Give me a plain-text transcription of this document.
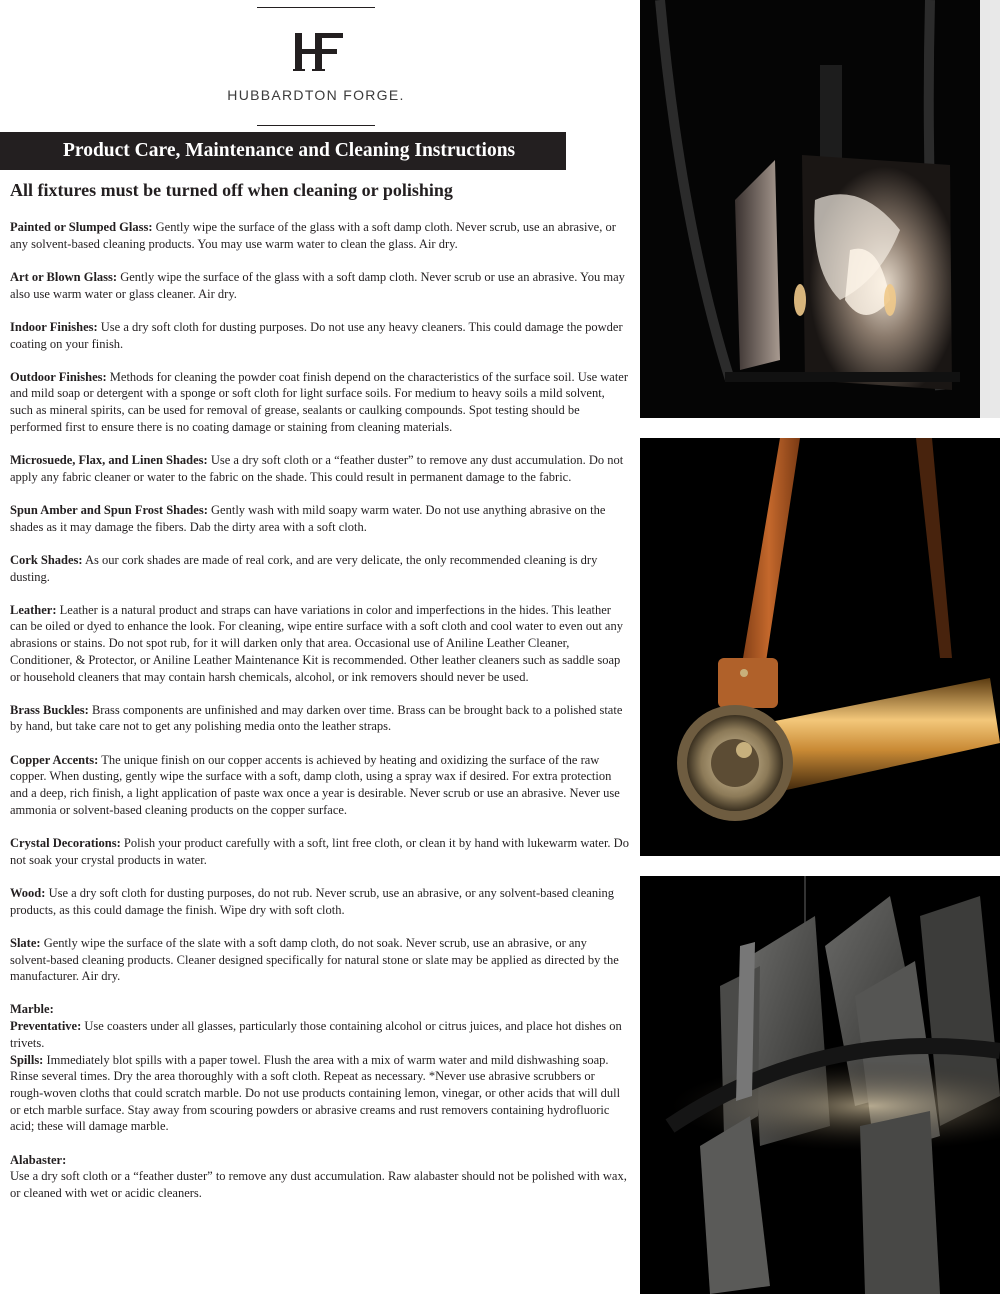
HUBBARDTON FORGE.
Product Care, Maintenance and Cleaning Instructions
All fixtures must be turned off when cleaning or polishing

Painted or Slumped Glass: Gently wipe the surface of the glass with a soft damp cloth. Never scrub, use an abrasive, or any solvent-based cleaning products. You may use warm water to clean the glass. Air dry.

Art or Blown Glass: Gently wipe the surface of the glass with a soft damp cloth. Never scrub or use an abrasive. You may also use warm water or glass cleaner. Air dry.

Indoor Finishes: Use a dry soft cloth for dusting purposes. Do not use any heavy cleaners. This could damage the powder coating on your finish.

Outdoor Finishes: Methods for cleaning the powder coat finish depend on the characteristics of the surface soil. Use water and mild soap or detergent with a sponge or soft cloth for light surface soils. For medium to heavy soils a mild solvent, such as mineral spirits, can be used for removal of grease, sealants or caulking compounds. Spot testing should be performed first to ensure there is no coating damage or staining from cleaning materials.

Microsuede, Flax, and Linen Shades: Use a dry soft cloth or a “feather duster” to remove any dust accumulation. Do not apply any fabric cleaner or water to the fabric on the shade. This could result in permanent damage to the fabric.

Spun Amber and Spun Frost Shades: Gently wash with mild soapy warm water. Do not use anything abrasive on the shades as it may damage the fibers. Dab the dirty area with a soft cloth.

Cork Shades: As our cork shades are made of real cork, and are very delicate, the only recommended cleaning is dry dusting.

Leather: Leather is a natural product and straps can have variations in color and imperfections in the hides. This leather can be oiled or dyed to enhance the look. For cleaning, wipe entire surface with a soft cloth and cool water to even out any abrasions or stains. Do not spot rub, for it will darken only that area. Occasional use of Aniline Leather Cleaner, Conditioner, & Protector, or Aniline Leather Maintenance Kit is recommended. Other leather cleaners such as saddle soap or household cleaners that may contain harsh chemicals, alcohol, or ink removers should never be used.

Brass Buckles: Brass components are unfinished and may darken over time. Brass can be brought back to a polished state by hand, but take care not to get any polishing media onto the leather straps.

Copper Accents: The unique finish on our copper accents is achieved by heating and oxidizing the surface of the raw copper. When dusting, gently wipe the surface with a soft, damp cloth, using a spray wax if desired. For extra protection and a deep, rich finish, a light application of paste wax once a year is desirable. Never scrub or use an abrasive. Never use ammonia or solvent-based cleaning products on the copper surface.

Crystal Decorations: Polish your product carefully with a soft, lint free cloth, or clean it by hand with lukewarm water. Do not soak your crystal products in water.

Wood: Use a dry soft cloth for dusting purposes, do not rub. Never scrub, use an abrasive, or any solvent-based cleaning products, as this could damage the finish. Wipe dry with soft cloth.

Slate: Gently wipe the surface of the slate with a soft damp cloth, do not soak. Never scrub, use an abrasive, or any solvent-based cleaning products. Cleaner designed specifically for natural stone or slate may be applied as directed by the manufacturer. Air dry.

Marble:

Preventative: Use coasters under all glasses, particularly those containing alcohol or citrus juices, and place hot dishes on trivets.

Spills: Immediately blot spills with a paper towel. Flush the area with a mix of warm water and mild dishwashing soap. Rinse several times. Dry the area thoroughly with a soft cloth. Repeat as necessary. *Never use abrasive scrubbers or rough-woven cloths that could scratch marble. Do not use products containing lemon, vinegar, or other acids that will dull or etch marble surface. Stay away from scouring powders or abrasive creams and rust removers containing hydrofluoric acid; these will damage marble.

Alabaster:

Use a dry soft cloth or a “feather duster” to remove any dust accumulation. Raw alabaster should not be polished with wax, or cleaned with wet or acidic cleaners.
